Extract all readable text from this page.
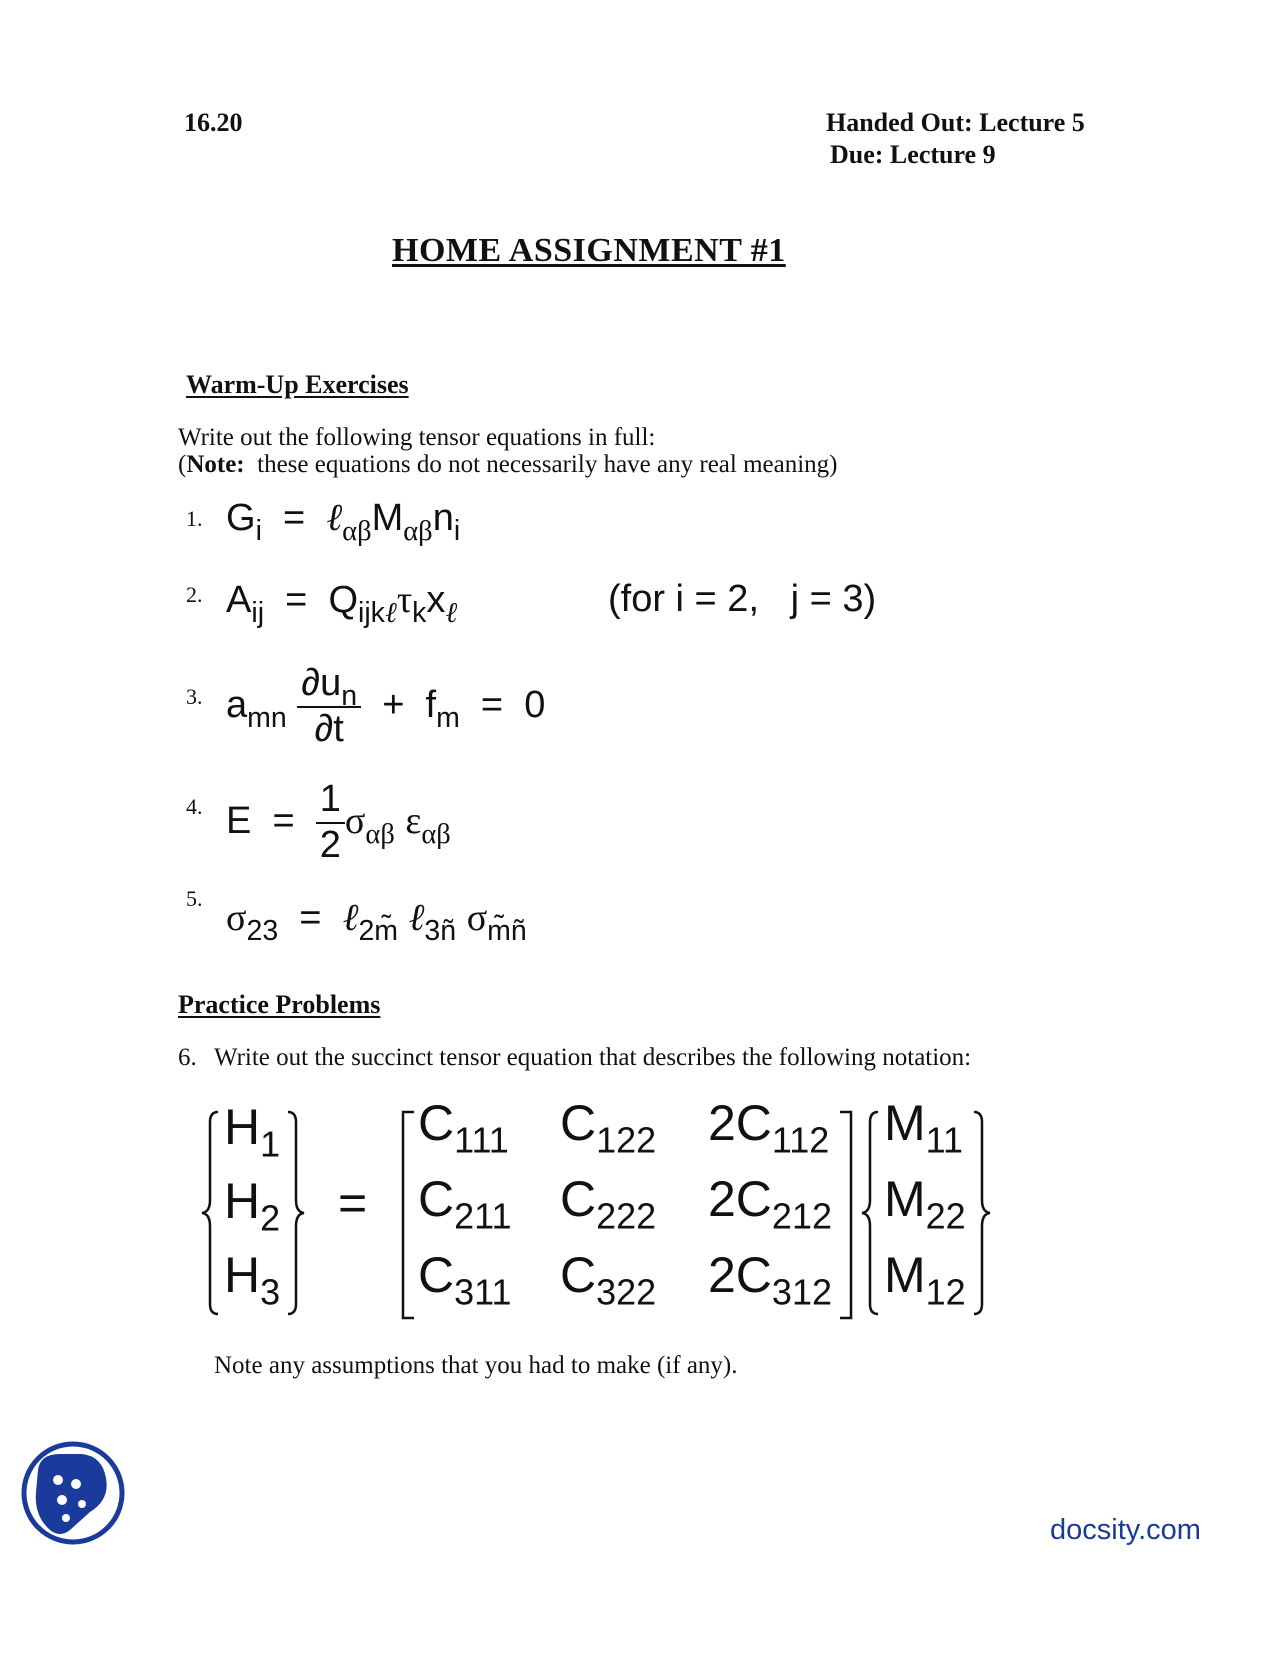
16.20	Handed Out: Lecture 5
Due: Lecture 9
HOME ASSIGNMENT #1
Warm-Up Exercises
Write out the following tensor equations in full:
(Note: these equations do not necessarily have any real meaning)
1. $G_i$  =  $\ell_{\alpha\beta}M_{\alpha\beta}n_i$
2. $A_{ij} = Q_{ijk\ell}\tau_kx_\ell$	(for i = 2,   j = 3)
3. $a_{mn} \frac{\partial u_n}{\partial t} + f_m = 0$
4. $E = \frac{1}{2} \sigma_{\alpha\beta}$ $\varepsilon_{\alpha\beta}$
5. $\sigma_{23}$  =  ℓ$_{2m̃}$ ℓ$_{3ñ}$ $\sigma_{m̃ñ}$
Practice Problems
6. Write out the succinct tensor equation that describes the following notation:
$H_1$
$H_2$
$H_3$
=
$C_{111}$ $C_{122}$ $2C_{112}$
$C_{211}$ $C_{222}$ $2C_{212}$
$C_{311}$ $C_{322}$ $2C_{312}$
$M_{11}$
$M_{22}$
$M_{12}$
Note any assumptions that you had to make (if any).
docsity.com
